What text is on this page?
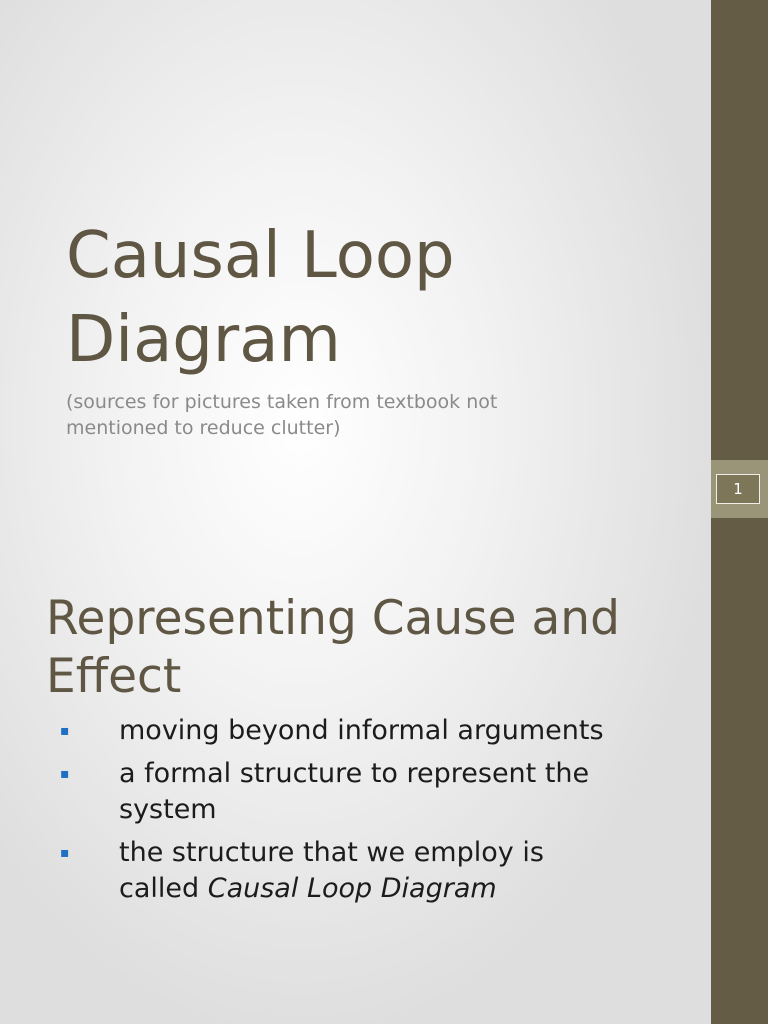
Causal Loop
Diagram

(sources for pictures taken from textbook not
mentioned to reduce clutter)

1
Representing Cause and
Effect
▪	moving beyond informal arguments
▪	a formal structure to represent the
system
▪	the structure that we employ is
called Causal Loop Diagram
